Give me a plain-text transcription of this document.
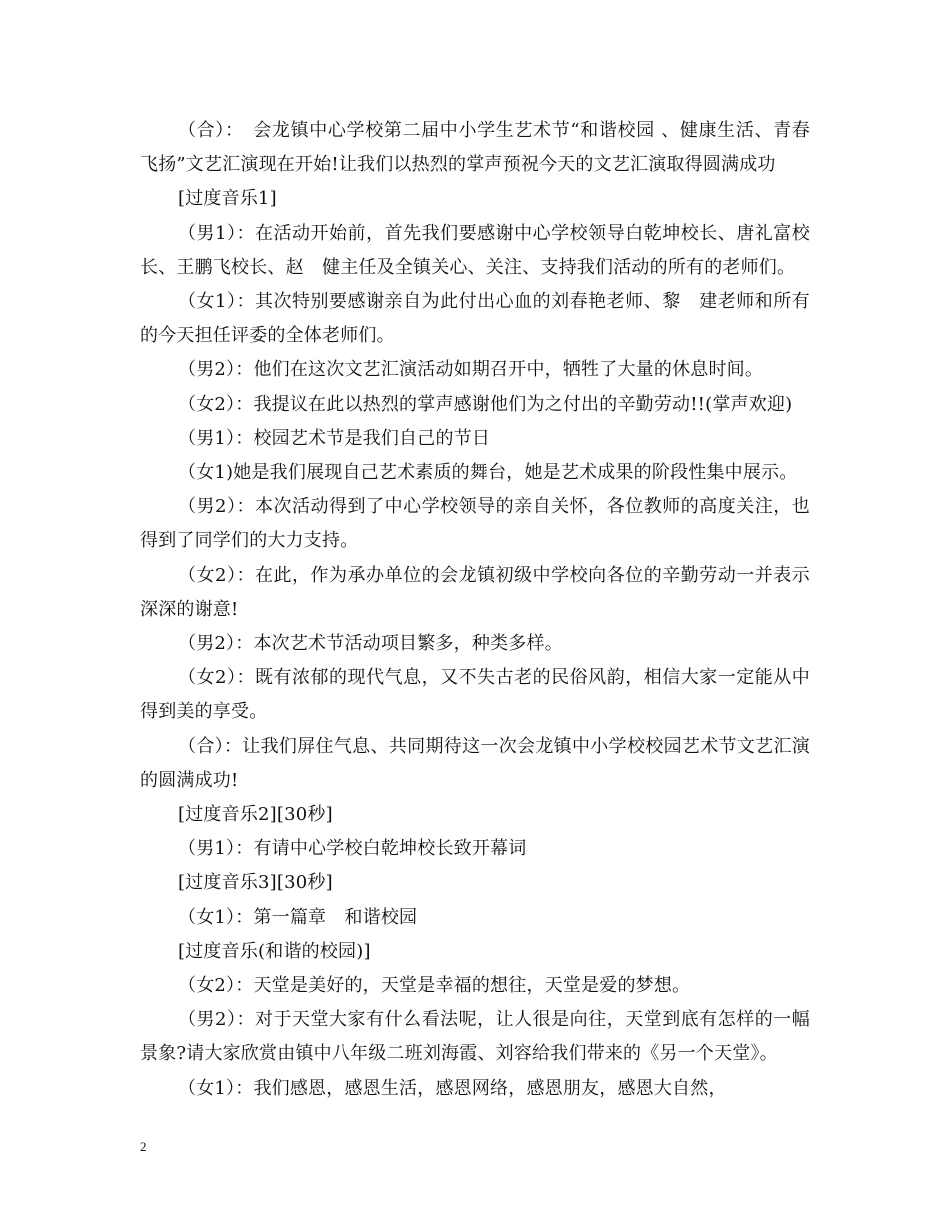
（合）：　会龙镇中心学校第二届中小学生艺术节“和谐校园 、健康生活、青春飞扬”文艺汇演现在开始!让我们以热烈的掌声预祝今天的文艺汇演取得圆满成功

[过度音乐1]

（男1）：在活动开始前，首先我们要感谢中心学校领导白乾坤校长、唐礼富校长、王鹏飞校长、赵　健主任及全镇关心、关注、支持我们活动的所有的老师们。

（女1）：其次特别要感谢亲自为此付出心血的刘春艳老师、黎　建老师和所有的今天担任评委的全体老师们。

（男2）：他们在这次文艺汇演活动如期召开中，牺牲了大量的休息时间。

（女2）：我提议在此以热烈的掌声感谢他们为之付出的辛勤劳动!!(掌声欢迎)

（男1）：校园艺术节是我们自己的节日

（女1)她是我们展现自己艺术素质的舞台，她是艺术成果的阶段性集中展示。

（男2）：本次活动得到了中心学校领导的亲自关怀，各位教师的高度关注，也得到了同学们的大力支持。

（女2）：在此，作为承办单位的会龙镇初级中学校向各位的辛勤劳动一并表示深深的谢意!

（男2）：本次艺术节活动项目繁多，种类多样。

（女2）：既有浓郁的现代气息，又不失古老的民俗风韵，相信大家一定能从中得到美的享受。

（合）：让我们屏住气息、共同期待这一次会龙镇中小学校校园艺术节文艺汇演的圆满成功!

[过度音乐2][30秒]

（男1）：有请中心学校白乾坤校长致开幕词

[过度音乐3][30秒]

（女1）：第一篇章　和谐校园

[过度音乐(和谐的校园)]

（女2）：天堂是美好的，天堂是幸福的想往，天堂是爱的梦想。

（男2）：对于天堂大家有什么看法呢，让人很是向往，天堂到底有怎样的一幅景象?请大家欣赏由镇中八年级二班刘海霞、刘容给我们带来的《另一个天堂》。

（女1）：我们感恩，感恩生活，感恩网络，感恩朋友，感恩大自然，

2
